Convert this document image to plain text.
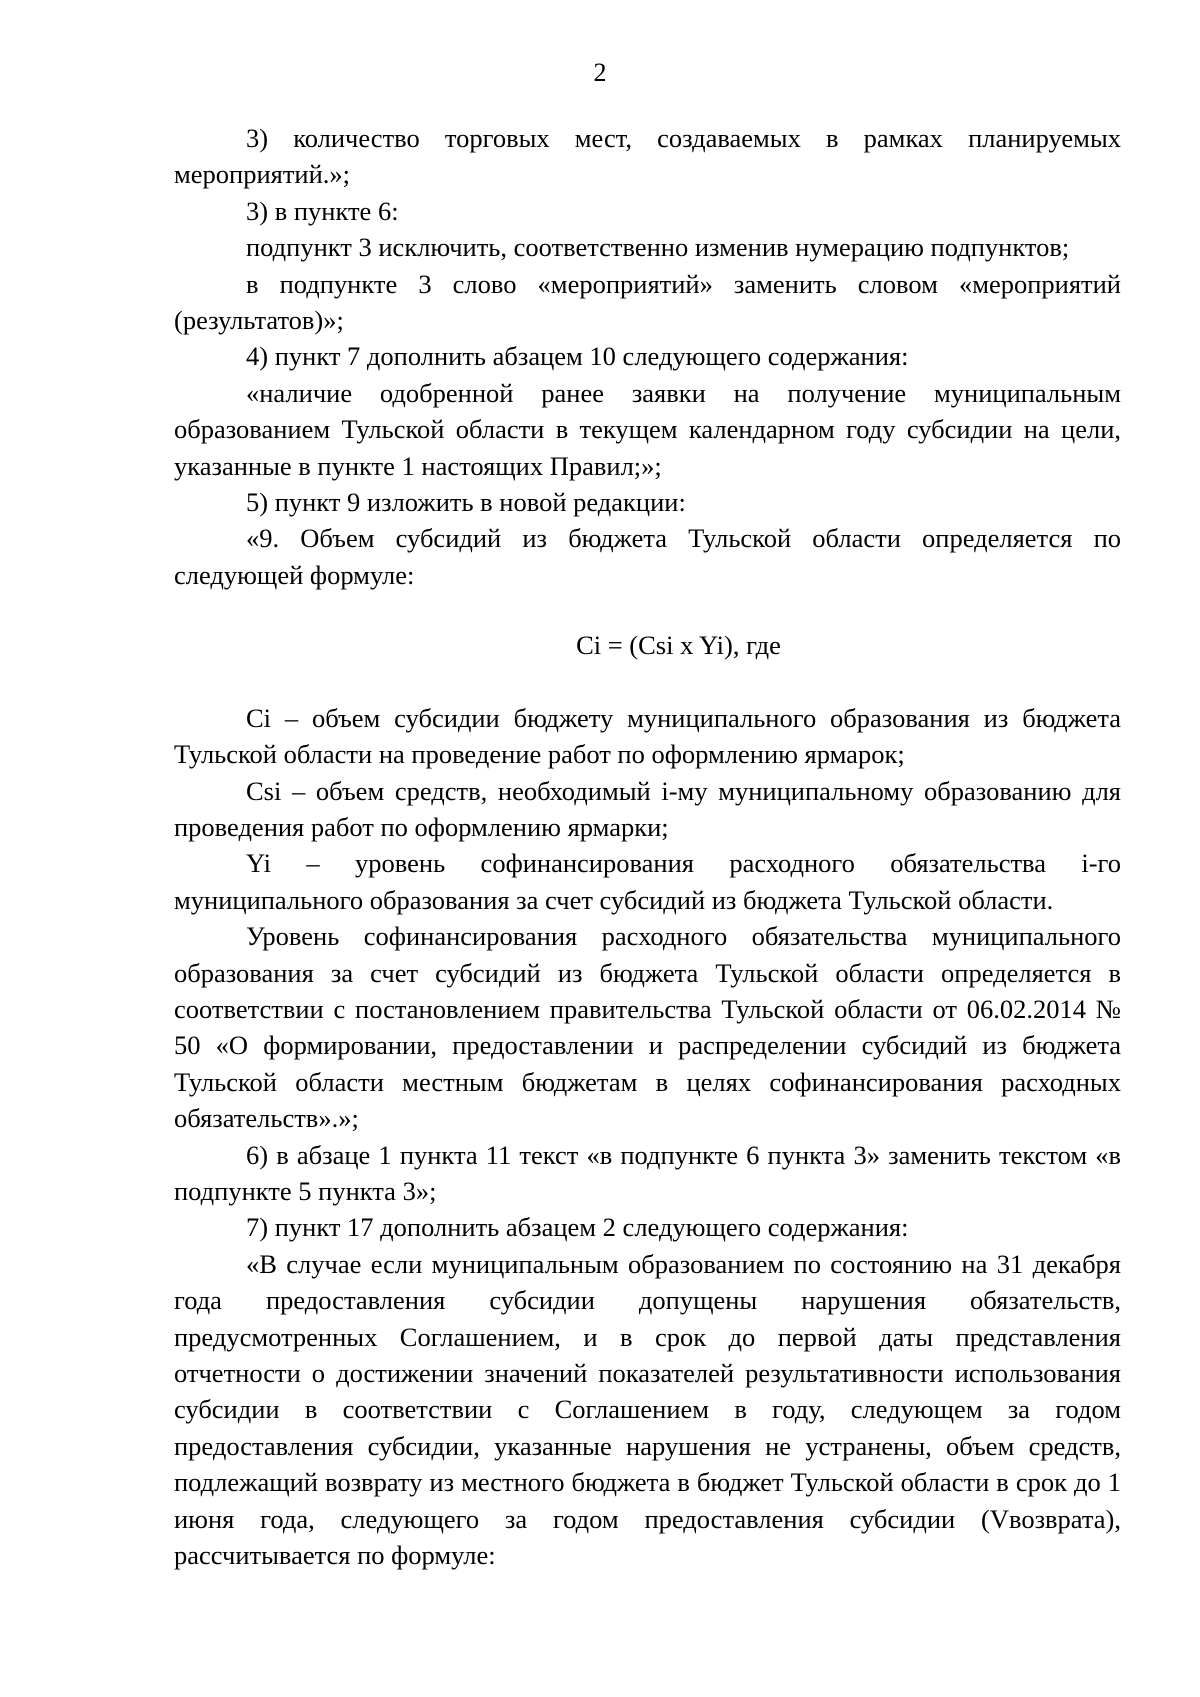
2

3) количество торговых мест, создаваемых в рамках планируемых мероприятий.»;

3) в пункте 6:

подпункт 3 исключить, соответственно изменив нумерацию подпунктов;

в подпункте 3 слово «мероприятий» заменить словом «мероприятий (результатов)»;

4) пункт 7 дополнить абзацем 10 следующего содержания:

«наличие одобренной ранее заявки на получение муниципальным образованием Тульской области в текущем календарном году субсидии на цели, указанные в пункте 1 настоящих Правил;»;

5) пункт 9 изложить в новой редакции:

«9. Объем субсидий из бюджета Тульской области определяется по следующей формуле:

Ci = (Csi x Yi), где

Ci – объем субсидии бюджету муниципального образования из бюджета Тульской области на проведение работ по оформлению ярмарок;

Csi – объем средств, необходимый i-му муниципальному образованию для проведения работ по оформлению ярмарки;

Yi – уровень софинансирования расходного обязательства i-го муниципального образования за счет субсидий из бюджета Тульской области.

Уровень софинансирования расходного обязательства муниципального образования за счет субсидий из бюджета Тульской области определяется в соответствии с постановлением правительства Тульской области от 06.02.2014 № 50 «О формировании, предоставлении и распределении субсидий из бюджета Тульской области местным бюджетам в целях софинансирования расходных обязательств».»;

6) в абзаце 1 пункта 11 текст «в подпункте 6 пункта 3» заменить текстом «в подпункте 5 пункта 3»;

7) пункт 17 дополнить абзацем 2 следующего содержания:

«В случае если муниципальным образованием по состоянию на 31 декабря года предоставления субсидии допущены нарушения обязательств, предусмотренных Соглашением, и в срок до первой даты представления отчетности о достижении значений показателей результативности использования субсидии в соответствии с Соглашением в году, следующем за годом предоставления субсидии, указанные нарушения не устранены, объем средств, подлежащий возврату из местного бюджета в бюджет Тульской области в срок до 1 июня года, следующего за годом предоставления субсидии (Vвозврата), рассчитывается по формуле:
